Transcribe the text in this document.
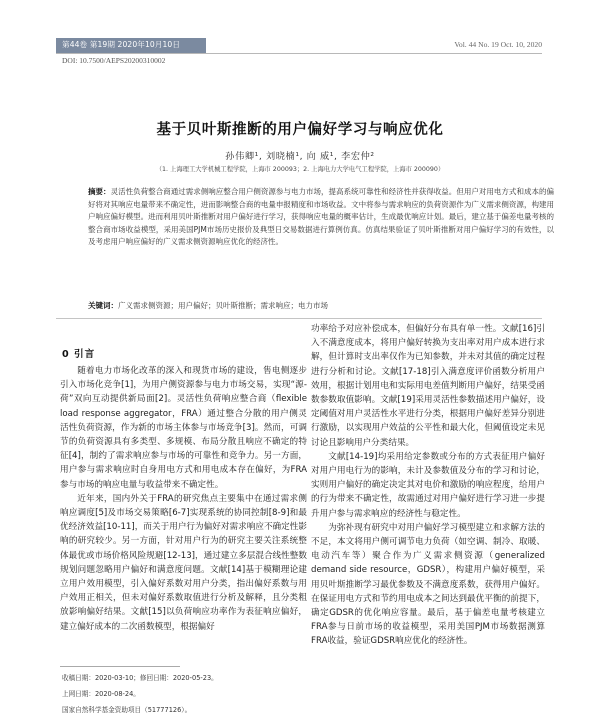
第44卷 第19期 2020年10月10日	Vol. 44 No. 19 Oct. 10, 2020
DOI: 10.7500/AEPS20200310002
基于贝叶斯推断的用户偏好学习与响应优化
孙伟卿¹, 刘晓楠¹, 向 威¹, 李宏仲²
（1. 上海理工大学机械工程学院，上海市 200093；2. 上海电力大学电气工程学院，上海市 200090）
摘要：灵活性负荷整合商通过需求侧响应整合用户侧资源参与电力市场，提高系统可靠性和经济性并获得收益。但用户对用电方式和成本的偏好将对其响应电量带来不确定性，进而影响整合商的电量申报精度和市场收益。文中将参与需求响应的负荷资源作为广义需求侧资源，构建用户响应偏好模型。进而利用贝叶斯推断对用户偏好进行学习，获得响应电量的概率估计，生成最优响应计划。最后，建立基于偏差电量考核的整合商市场收益模型，采用美国PJM市场历史报价及典型日交易数据进行算例仿真。仿真结果验证了贝叶斯推断对用户偏好学习的有效性，以及考虑用户响应偏好的广义需求侧资源响应优化的经济性。
关键词：广义需求侧资源；用户偏好；贝叶斯推断；需求响应；电力市场
0 引言

随着电力市场化改革的深入和现货市场的建设，售电侧逐步引入市场化竞争[1]，为用户侧资源参与电力市场交易，实现“源-荷”双向互动提供新局面[2]。灵活性负荷响应整合商（flexible load response aggregator，FRA）通过整合分散的用户侧灵活性负荷资源，作为新的市场主体参与市场竞争[3]。然而，可调节的负荷资源具有多类型、多规模、布局分散且响应不确定的特征[4]，制约了需求响应参与市场的可靠性和竞争力。另一方面，用户参与需求响应时自身用电方式和用电成本存在偏好，为FRA参与市场的响应电量与收益带来不确定性。

近年来，国内外关于FRA的研究焦点主要集中在通过需求侧响应调度[5]及市场交易策略[6-7]实现系统的协同控制[8-9]和最优经济效益[10-11]，而关于用户行为偏好对需求响应不确定性影响的研究较少。另一方面，针对用户行为的研究主要关注系统整体最优或市场价格风险规避[12-13]，通过建立多层混合线性整数规划问题忽略用户偏好和满意度问题。文献[14]基于模糊理论建立用户效用模型，引入偏好系数对用户分类，指出偏好系数与用户效用正相关，但未对偏好系数取值进行分析及解释，且分类粗放影响偏好结果。文献[15]以负荷响应功率作为表征响应偏好，建立偏好成本的二次函数模型，根据偏好

功率给予对应补偿成本，但偏好分布具有单一性。文献[16]引入不满意度成本，将用户偏好转换为支出率对用户成本进行求解，但计算时支出率仅作为已知参数，并未对其值的确定过程进行分析和讨论。文献[17-18]引入满意度评价函数分析用户效用，根据计划用电和实际用电差值判断用户偏好，结果受函数参数取值影响。文献[19]采用灵活性参数描述用户偏好，设定阈值对用户灵活性水平进行分类，根据用户偏好差异分别进行激励，以实现用户效益的公平性和最大化，但阈值设定未见讨论且影响用户分类结果。

文献[14-19]均采用给定参数或分布的方式表征用户偏好对用户用电行为的影响，未计及参数值及分布的学习和讨论，实则用户偏好的确定决定其对电价和激励的响应程度，给用户的行为带来不确定性，故需通过对用户偏好进行学习进一步提升用户参与需求响应的经济性与稳定性。

为弥补现有研究中对用户偏好学习模型建立和求解方法的不足，本文将用户侧可调节电力负荷（如空调、制冷、取暖、电动汽车等）聚合作为广义需求侧资源（generalized demand side resource，GDSR），构建用户偏好模型，采用贝叶斯推断学习最优参数及不满意度系数，获得用户偏好。在保证用电方式和节约用电成本之间达到最优平衡的前提下，确定GDSR的优化响应容量。最后，基于偏差电量考核建立FRA参与日前市场的收益模型，采用美国PJM市场数据测算FRA收益，验证GDSR响应优化的经济性。

收稿日期：2020-03-10；修回日期：2020-05-23。
上网日期：2020-08-24。
国家自然科学基金资助项目（51777126）。
